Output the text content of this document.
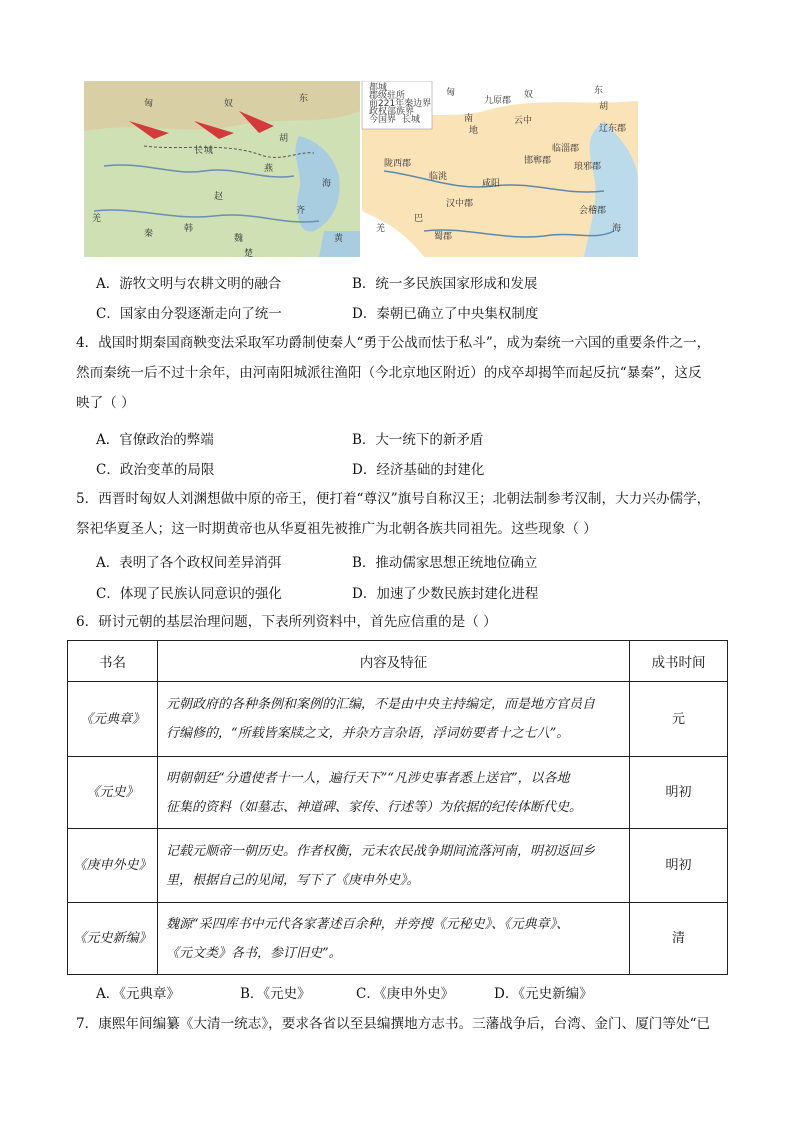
匈	奴	东
胡
燕
齐
羌
秦	魏
赵
韩
长 城
海
黄
楚
都城
郡级驻所
前221年秦边界
政权部族界
今国界 长城
匈	奴	东
胡
九原郡
云中
南
地
陇西郡
临洮
咸阳
邯郸郡
临淄郡
琅邪郡
辽东郡
汉中郡
会稽郡
巴
蜀郡
羌	海
A．游牧文明与农耕文明的融合	B．统一多民族国家形成和发展
C．国家由分裂逐渐走向了统一	D．秦朝已确立了中央集权制度
4．战国时期秦国商鞅变法采取军功爵制使秦人“勇于公战而怯于私斗”，成为秦统一六国的重要条件之一，
然而秦统一后不过十余年，由河南阳城派往渔阳（今北京地区附近）的戍卒却揭竿而起反抗“暴秦”，这反
映了（ ）
A．官僚政治的弊端	B．大一统下的新矛盾
C．政治变革的局限	D．经济基础的封建化
5．西晋时匈奴人刘渊想做中原的帝王，便打着“尊汉”旗号自称汉王；北朝法制参考汉制，大力兴办儒学，
祭祀华夏圣人；这一时期黄帝也从华夏祖先被推广为北朝各族共同祖先。这些现象（ ）
A．表明了各个政权间差异消弭	B．推动儒家思想正统地位确立
C．体现了民族认同意识的强化	D．加速了少数民族封建化进程
6．研讨元朝的基层治理问题，下表所列资料中，首先应信重的是（ ）
书名	内容及特征	成书时间
《元典章》	元朝政府的各种条例和案例的汇编，不是由中央主持编定，而是地方官员自
行编修的，“所载皆案牍之文，并杂方言杂语，浮词妨要者十之七八”。	元
《元史》	明朝朝廷“分遣使者十一人，遍行天下”“凡涉史事者悉上送官”，以各地
征集的资料（如墓志、神道碑、家传、行述等）为依据的纪传体断代史。	明初
《庚申外史》	记载元顺帝一朝历史。作者权衡，元末农民战争期间流落河南，明初返回乡
里，根据自己的见闻，写下了《庚申外史》。	明初
《元史新编》	魏源“采四库书中元代各家著述百余种，并旁搜《元秘史》、《元典章》、
《元文类》各书，参订旧史”。	清
A．《元典章》	B．《元史》	C．《庚申外史》	D．《元史新编》
7．康熙年间编纂《大清一统志》，要求各省以至县编撰地方志书。三藩战争后，台湾、金门、厦门等处“已
